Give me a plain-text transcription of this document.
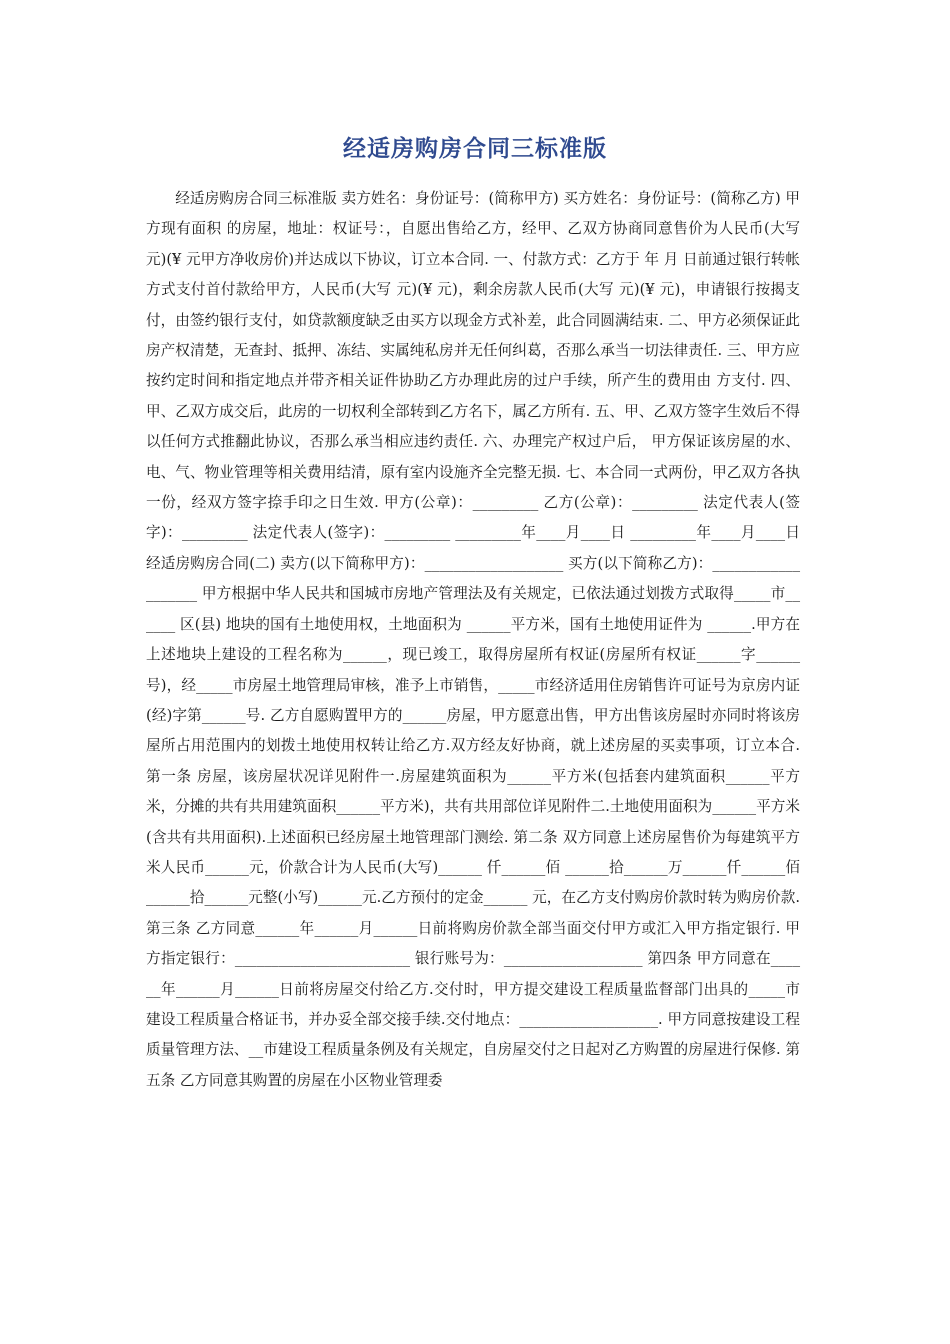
经适房购房合同三标准版

经适房购房合同三标准版 卖方姓名：身份证号：(简称甲方) 买方姓名：身份证号：(简称乙方) 甲方现有面积 的房屋，地址：权证号：，自愿出售给乙方，经甲、乙双方协商同意售价为人民币(大写 元)(¥ 元甲方净收房价)并达成以下协议，订立本合同. 一、付款方式：乙方于 年 月 日前通过银行转帐方式支付首付款给甲方，人民币(大写 元)(¥ 元)，剩余房款人民币(大写 元)(¥ 元)，申请银行按揭支付，由签约银行支付，如贷款额度缺乏由买方以现金方式补差，此合同圆满结束. 二、甲方必须保证此房产权清楚，无查封、抵押、冻结、实属纯私房并无任何纠葛，否那么承当一切法律责任. 三、甲方应按约定时间和指定地点并带齐相关证件协助乙方办理此房的过户手续，所产生的费用由 方支付. 四、甲、乙双方成交后，此房的一切权利全部转到乙方名下，属乙方所有. 五、甲、乙双方签字生效后不得以任何方式推翻此协议，否那么承当相应违约责任. 六、办理完产权过户后， 甲方保证该房屋的水、电、气、物业管理等相关费用结清，原有室内设施齐全完整无损. 七、本合同一式两份，甲乙双方各执一份，经双方签字捺手印之日生效. 甲方(公章)：_________ 乙方(公章)：_________ 法定代表人(签字)：_________ 法定代表人(签字)：_________ _________年____月____日 _________年____月____日 经适房购房合同(二) 卖方(以下简称甲方)：___________________ 买方(以下简称乙方)：___________________ 甲方根据中华人民共和国城市房地产管理法及有关规定，已依法通过划拨方式取得_____市______ 区(县) 地块的国有土地使用权，土地面积为 ______平方米，国有土地使用证件为 ______.甲方在上述地块上建设的工程名称为______，现已竣工，取得房屋所有权证(房屋所有权证______字______号)，经_____市房屋土地管理局审核，准予上市销售，_____市经济适用住房销售许可证号为京房内证(经)字第______号. 乙方自愿购置甲方的______房屋，甲方愿意出售，甲方出售该房屋时亦同时将该房屋所占用范围内的划拨土地使用权转让给乙方.双方经友好协商，就上述房屋的买卖事项，订立本合. 第一条 房屋，该房屋状况详见附件一.房屋建筑面积为______平方米(包括套内建筑面积______平方米，分摊的共有共用建筑面积______平方米)，共有共用部位详见附件二.土地使用面积为______平方米(含共有共用面积).上述面积已经房屋土地管理部门测绘. 第二条 双方同意上述房屋售价为每建筑平方米人民币______元，价款合计为人民币(大写)______ 仟______佰 ______拾______万______仟______佰______拾______元整(小写)______元.乙方预付的定金______ 元，在乙方支付购房价款时转为购房价款. 第三条 乙方同意______年______月______日前将购房价款全部当面交付甲方或汇入甲方指定银行. 甲方指定银行：________________________ 银行账号为：___________________ 第四条 甲方同意在______年______月______日前将房屋交付给乙方.交付时，甲方提交建设工程质量监督部门出具的_____市建设工程质量合格证书，并办妥全部交接手续.交付地点：___________________. 甲方同意按建设工程质量管理方法、__市建设工程质量条例及有关规定，自房屋交付之日起对乙方购置的房屋进行保修. 第五条 乙方同意其购置的房屋在小区物业管理委
